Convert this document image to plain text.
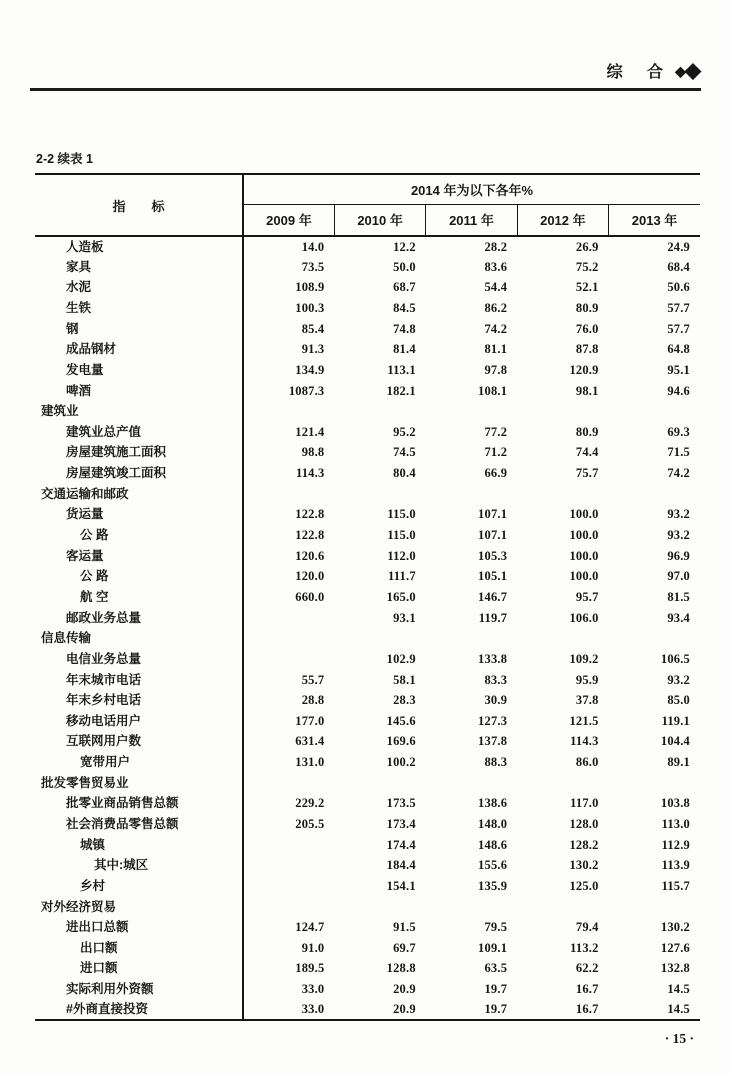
综 合 ◆ ◆
2-2 续表 1
指　　标	2014 年为以下各年%				
	2009 年	2010 年	2011 年	2012 年	2013 年
人造板	14.0	12.2	28.2	26.9	24.9
家具	73.5	50.0	83.6	75.2	68.4
水泥	108.9	68.7	54.4	52.1	50.6
生铁	100.3	84.5	86.2	80.9	57.7
钢	85.4	74.8	74.2	76.0	57.7
成品钢材	91.3	81.4	81.1	87.8	64.8
发电量	134.9	113.1	97.8	120.9	95.1
啤酒	1087.3	182.1	108.1	98.1	94.6
建筑业					
建筑业总产值	121.4	95.2	77.2	80.9	69.3
房屋建筑施工面积	98.8	74.5	71.2	74.4	71.5
房屋建筑竣工面积	114.3	80.4	66.9	75.7	74.2
交通运输和邮政					
货运量	122.8	115.0	107.1	100.0	93.2
公 路	122.8	115.0	107.1	100.0	93.2
客运量	120.6	112.0	105.3	100.0	96.9
公 路	120.0	111.7	105.1	100.0	97.0
航 空	660.0	165.0	146.7	95.7	81.5
邮政业务总量		93.1	119.7	106.0	93.4
信息传输					
电信业务总量		102.9	133.8	109.2	106.5
年末城市电话	55.7	58.1	83.3	95.9	93.2
年末乡村电话	28.8	28.3	30.9	37.8	85.0
移动电话用户	177.0	145.6	127.3	121.5	119.1
互联网用户数	631.4	169.6	137.8	114.3	104.4
宽带用户	131.0	100.2	88.3	86.0	89.1
批发零售贸易业					
批零业商品销售总额	229.2	173.5	138.6	117.0	103.8
社会消费品零售总额	205.5	173.4	148.0	128.0	113.0
城镇		174.4	148.6	128.2	112.9
其中:城区		184.4	155.6	130.2	113.9
乡村		154.1	135.9	125.0	115.7
对外经济贸易					
进出口总额	124.7	91.5	79.5	79.4	130.2
出口额	91.0	69.7	109.1	113.2	127.6
进口额	189.5	128.8	63.5	62.2	132.8
实际利用外资额	33.0	20.9	19.7	16.7	14.5
#外商直接投资	33.0	20.9	19.7	16.7	14.5
· 15 ·
